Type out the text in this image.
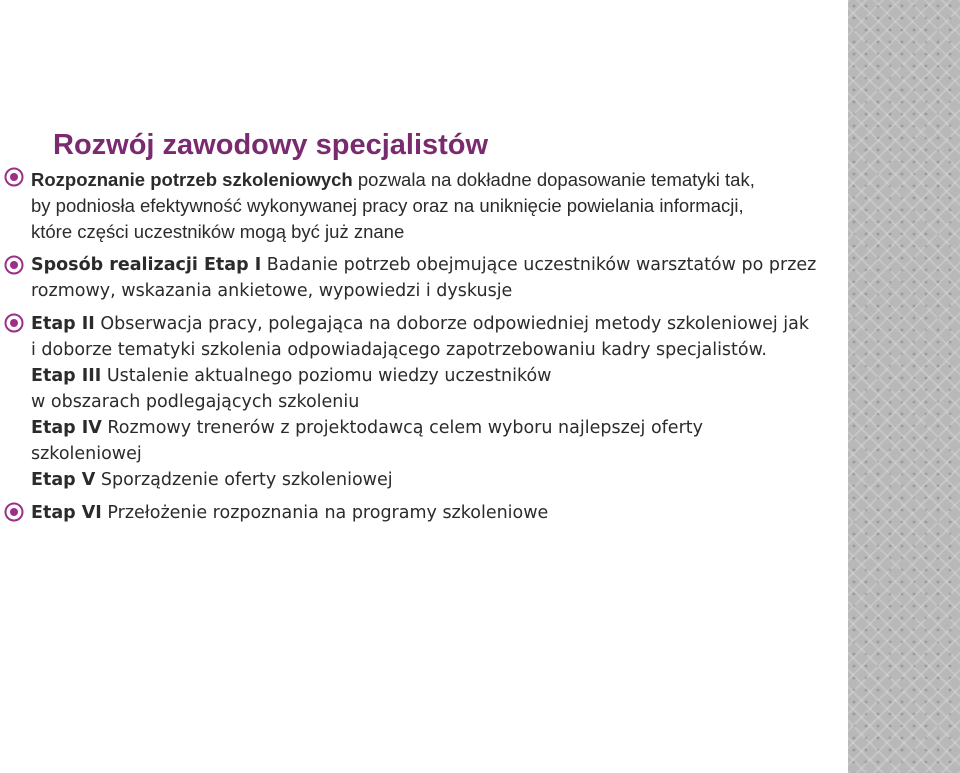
Rozwój zawodowy specjalistów

Rozpoznanie potrzeb szkoleniowych pozwala na dokładne dopasowanie tematyki tak,
by podniosła efektywność wykonywanej pracy oraz na uniknięcie powielania informacji,
które części uczestników mogą być już znane

Sposób realizacji Etap I Badanie potrzeb obejmujące uczestników warsztatów po przez
rozmowy, wskazania ankietowe, wypowiedzi i dyskusje

Etap II Obserwacja pracy, polegająca na doborze odpowiedniej metody szkoleniowej jak
i doborze tematyki szkolenia odpowiadającego zapotrzebowaniu kadry specjalistów.
Etap III Ustalenie aktualnego poziomu wiedzy uczestników
w obszarach podlegających szkoleniu
Etap IV Rozmowy trenerów z projektodawcą celem wyboru najlepszej oferty
szkoleniowej
Etap V Sporządzenie oferty szkoleniowej

Etap VI Przełożenie rozpoznania na programy szkoleniowe
